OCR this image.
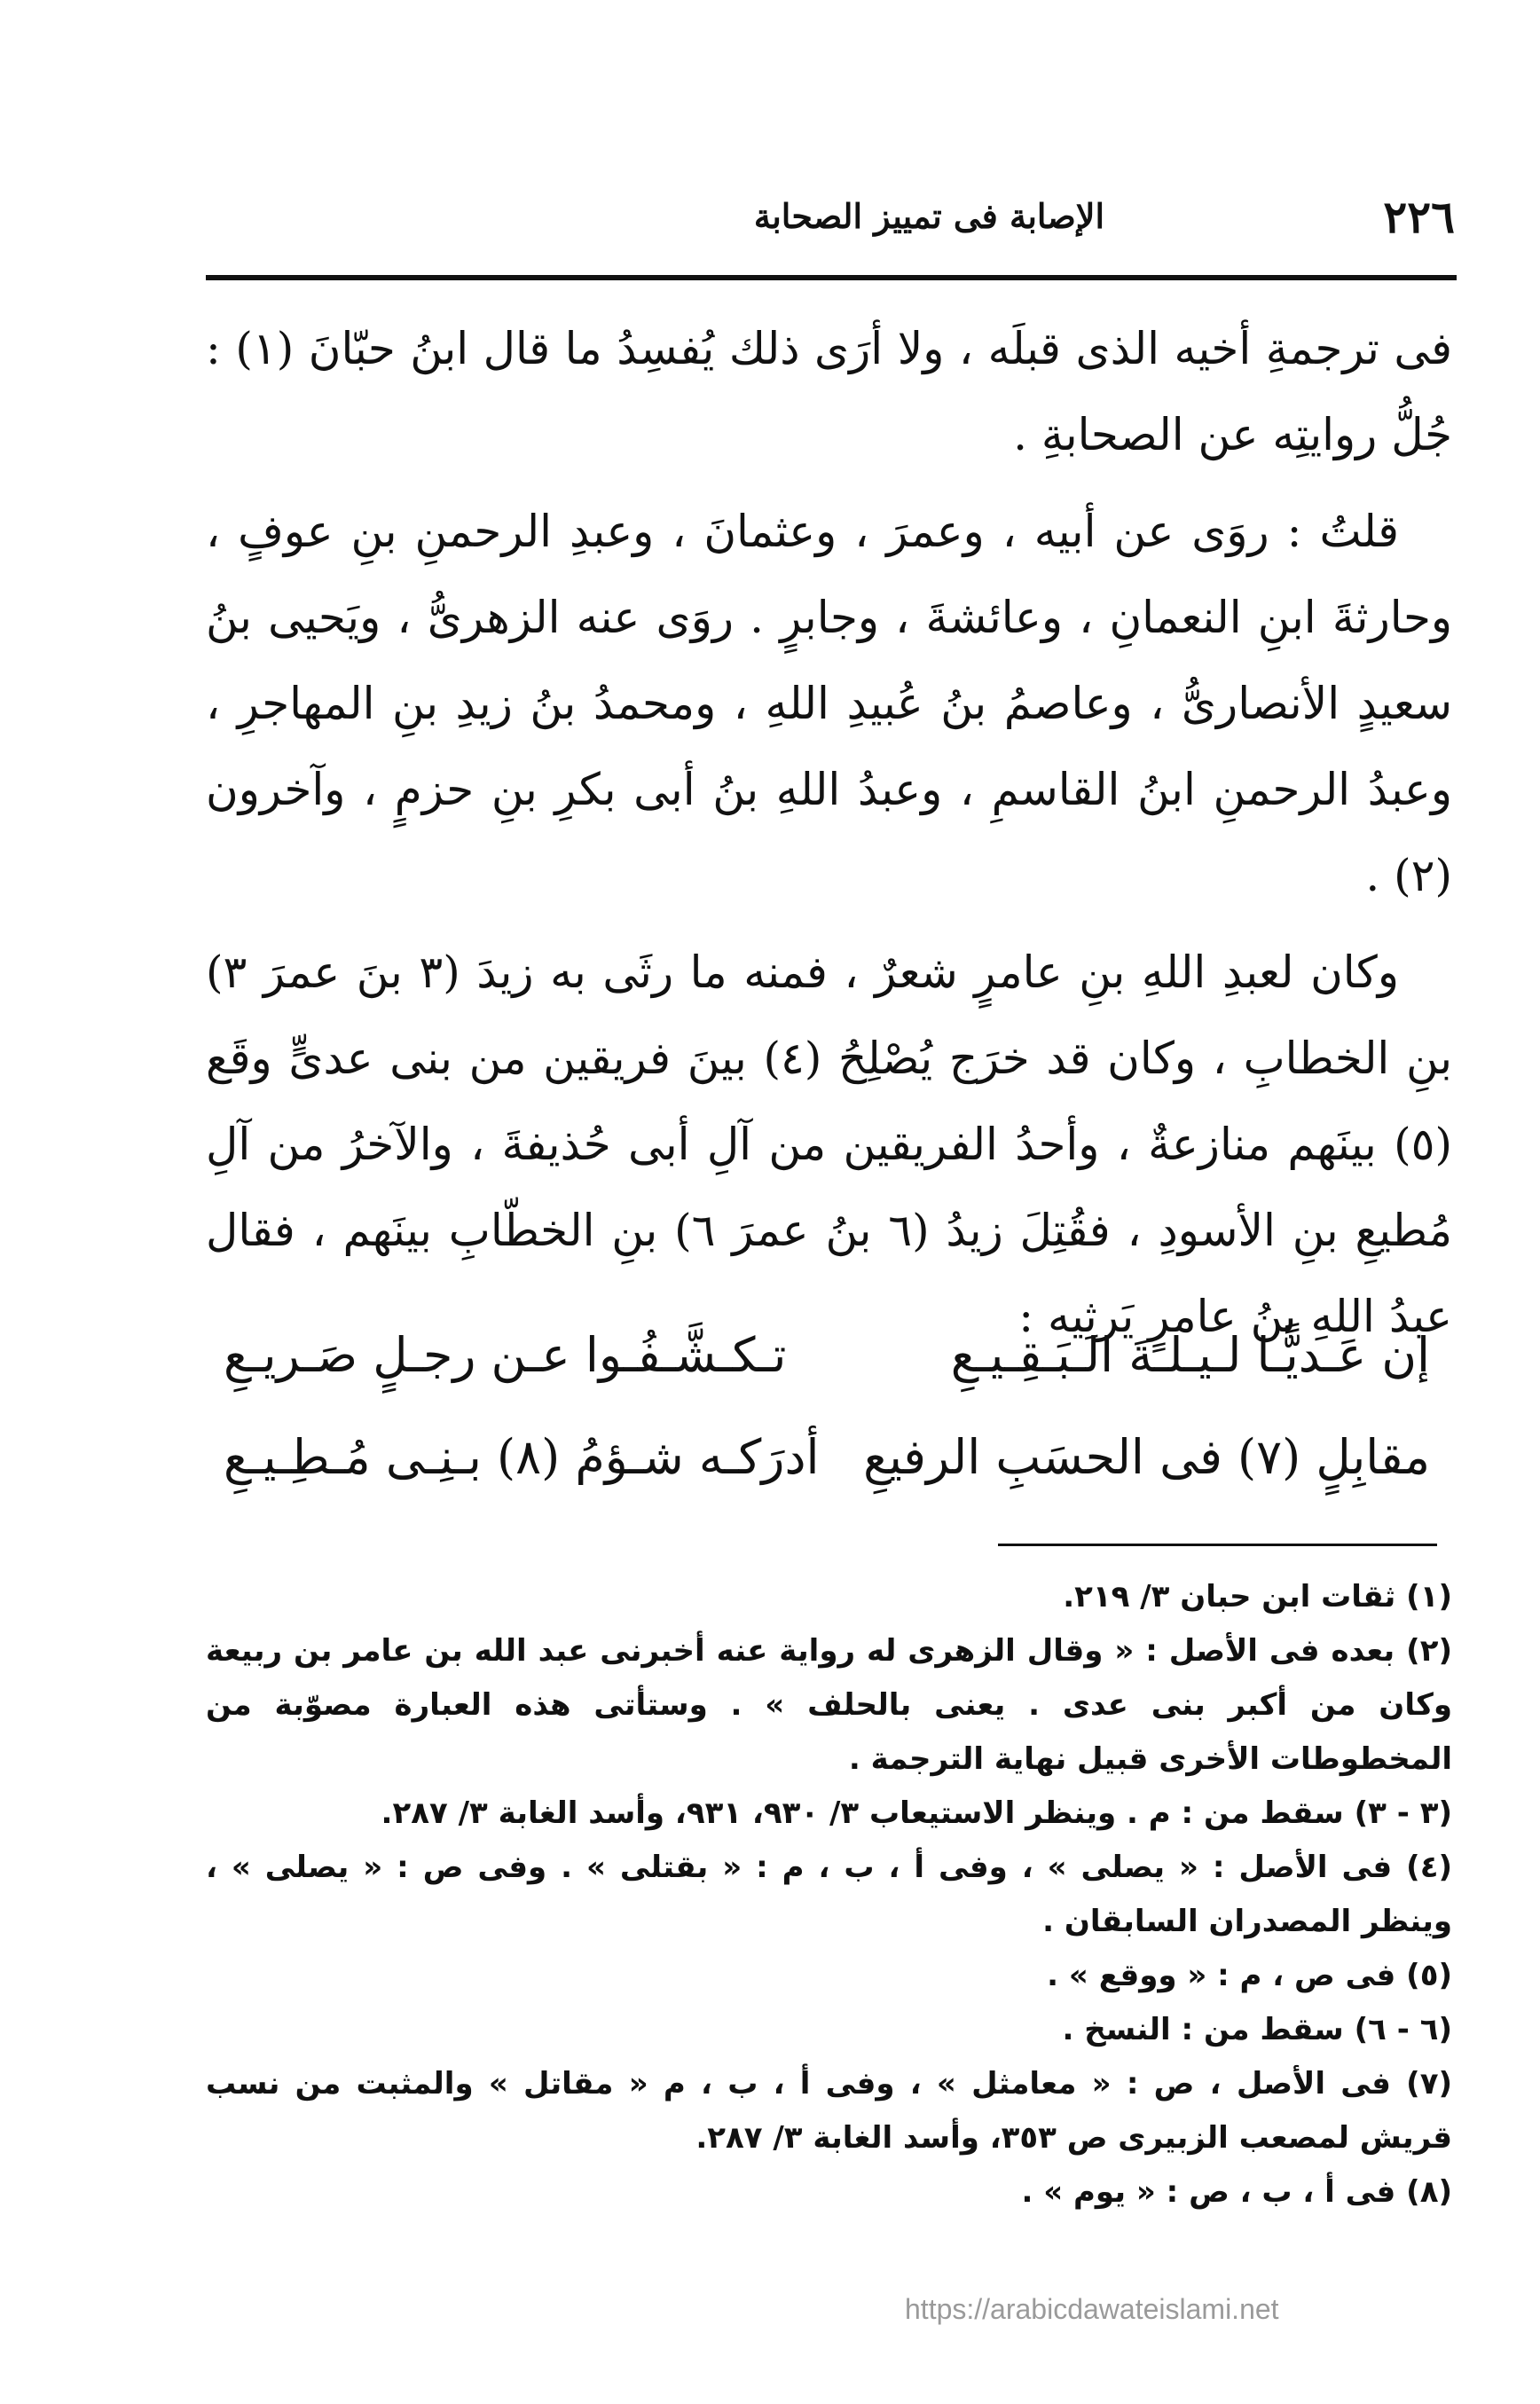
٢٢٦
الإصابة فى تمييز الصحابة

فى ترجمةِ أخيه الذى قبلَه ، ولا أرَى ذلك يُفسِدُ ما قال ابنُ حبّانَ (١) : جُلُّ روايتِه عن الصحابةِ .

قلتُ : روَى عن أبيه ، وعمرَ ، وعثمانَ ، وعبدِ الرحمنِ بنِ عوفٍ ، وحارثةَ ابنِ النعمانِ ، وعائشةَ ، وجابرٍ . روَى عنه الزهرىُّ ، ويَحيى بنُ سعيدٍ الأنصارىُّ ، وعاصمُ بنُ عُبيدِ اللهِ ، ومحمدُ بنُ زيدِ بنِ المهاجرِ ، وعبدُ الرحمنِ ابنُ القاسمِ ، وعبدُ اللهِ بنُ أبى بكرِ بنِ حزمٍ ، وآخرون (٢) .

وكان لعبدِ اللهِ بنِ عامرٍ شعرٌ ، فمنه ما رثَى به زيدَ (٣ بنَ عمرَ ٣) بنِ الخطابِ ، وكان قد خرَج يُصْلِحُ (٤) بينَ فريقين من بنى عدىٍّ وقَع (٥) بينَهم منازعةٌ ، وأحدُ الفريقين من آلِ أبى حُذيفةَ ، والآخرُ من آلِ مُطيعِ بنِ الأسودِ ، فقُتِلَ زيدُ (٦ بنُ عمرَ ٦) بنِ الخطّابِ بينَهم ، فقال عبدُ اللهِ بنُ عامرٍ يَرثِيه :

إن عَـديًّـا لـيـلـةَ الـبَـقِـيـعِ
تـكـشَّـفُـوا عـن رجـلٍ صَـريـعِ
مقابِلٍ (٧) فى الحسَبِ الرفيعِ
أدرَكـه شـؤمُ (٨) بـنِـى مُـطِـيـعِ

(١) ثقات ابن حبان ٣/ ٢١٩.

(٢) بعده فى الأصل : « وقال الزهرى له رواية عنه أخبرنى عبد الله بن عامر بن ربيعة وكان من أكبر بنى عدى . يعنى بالحلف » . وستأتى هذه العبارة مصوّبة من المخطوطات الأخرى قبيل نهاية الترجمة .

(٣ - ٣) سقط من : م . وينظر الاستيعاب ٣/ ٩٣٠، ٩٣١، وأسد الغابة ٣/ ٢٨٧.

(٤) فى الأصل : « يصلى » ، وفى أ ، ب ، م : « بقتلى » . وفى ص : « يصلى » ، وينظر المصدران السابقان .

(٥) فى ص ، م : « ووقع » .

(٦ - ٦) سقط من : النسخ .

(٧) فى الأصل ، ص : « معامثل » ، وفى أ ، ب ، م « مقاتل » والمثبت من نسب قريش لمصعب الزبيرى ص ٣٥٣، وأسد الغابة ٣/ ٢٨٧.

(٨) فى أ ، ب ، ص : « يوم » .

https://arabicdawateislami.net
